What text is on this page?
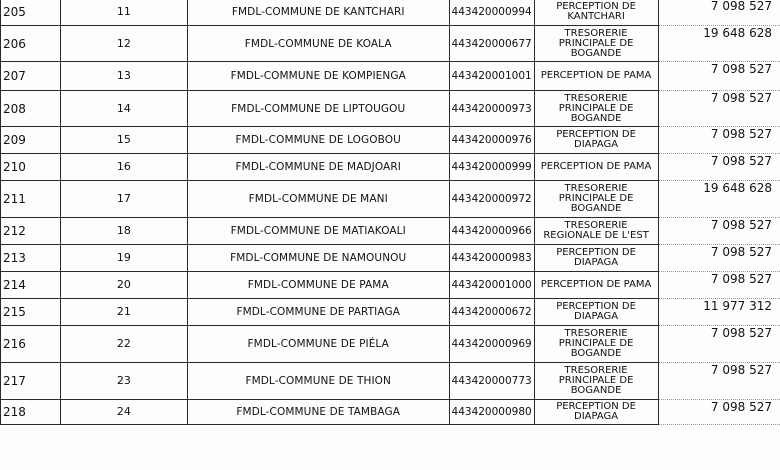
205	11	FMDL-COMMUNE DE KANTCHARI	443420000994	PERCEPTION DE
KANTCHARI	7 098 527
206	12	FMDL-COMMUNE DE KOALA	443420000677	TRESORERIE
PRINCIPALE DE
BOGANDE	19 648 628
207	13	FMDL-COMMUNE DE KOMPIENGA	443420001001	PERCEPTION DE PAMA	7 098 527
208	14	FMDL-COMMUNE DE LIPTOUGOU	443420000973	TRESORERIE
PRINCIPALE DE
BOGANDE	7 098 527
209	15	FMDL-COMMUNE DE LOGOBOU	443420000976	PERCEPTION DE
DIAPAGA	7 098 527
210	16	FMDL-COMMUNE DE MADJOARI	443420000999	PERCEPTION DE PAMA	7 098 527
211	17	FMDL-COMMUNE DE MANI	443420000972	TRESORERIE
PRINCIPALE DE
BOGANDE	19 648 628
212	18	FMDL-COMMUNE DE MATIAKOALI	443420000966	TRESORERIE
REGIONALE DE L'EST	7 098 527
213	19	FMDL-COMMUNE DE NAMOUNOU	443420000983	PERCEPTION DE
DIAPAGA	7 098 527
214	20	FMDL-COMMUNE DE PAMA	443420001000	PERCEPTION DE PAMA	7 098 527
215	21	FMDL-COMMUNE DE PARTIAGA	443420000672	PERCEPTION DE
DIAPAGA	11 977 312
216	22	FMDL-COMMUNE DE PIÉLA	443420000969	TRESORERIE
PRINCIPALE DE
BOGANDE	7 098 527
217	23	FMDL-COMMUNE DE THION	443420000773	TRESORERIE
PRINCIPALE DE
BOGANDE	7 098 527
218	24	FMDL-COMMUNE DE TAMBAGA	443420000980	PERCEPTION DE
DIAPAGA	7 098 527
